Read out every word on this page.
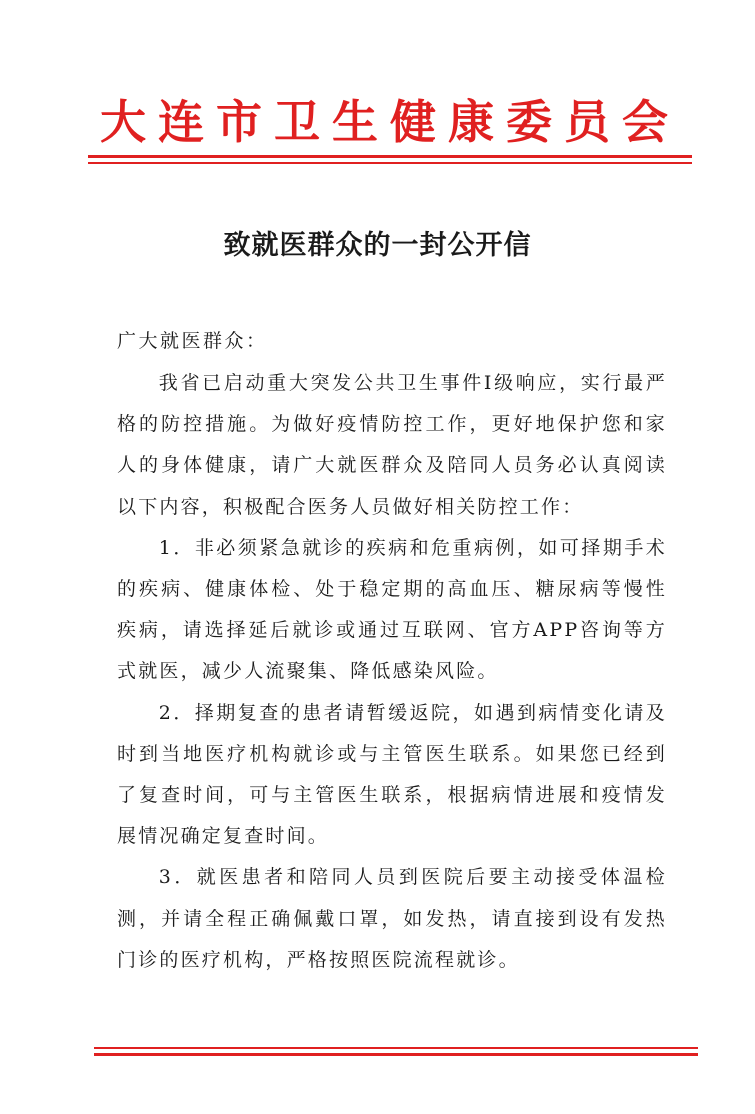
大连市卫生健康委员会
致就医群众的一封公开信
广大就医群众：

我省已启动重大突发公共卫生事件Ⅰ级响应，实行最严格的防控措施。为做好疫情防控工作，更好地保护您和家人的身体健康，请广大就医群众及陪同人员务必认真阅读以下内容，积极配合医务人员做好相关防控工作：

1．非必须紧急就诊的疾病和危重病例，如可择期手术的疾病、健康体检、处于稳定期的高血压、糖尿病等慢性疾病，请选择延后就诊或通过互联网、官方APP咨询等方式就医，减少人流聚集、降低感染风险。

2．择期复查的患者请暂缓返院，如遇到病情变化请及时到当地医疗机构就诊或与主管医生联系。如果您已经到了复查时间，可与主管医生联系，根据病情进展和疫情发展情况确定复查时间。

3．就医患者和陪同人员到医院后要主动接受体温检测，并请全程正确佩戴口罩，如发热，请直接到设有发热门诊的医疗机构，严格按照医院流程就诊。
